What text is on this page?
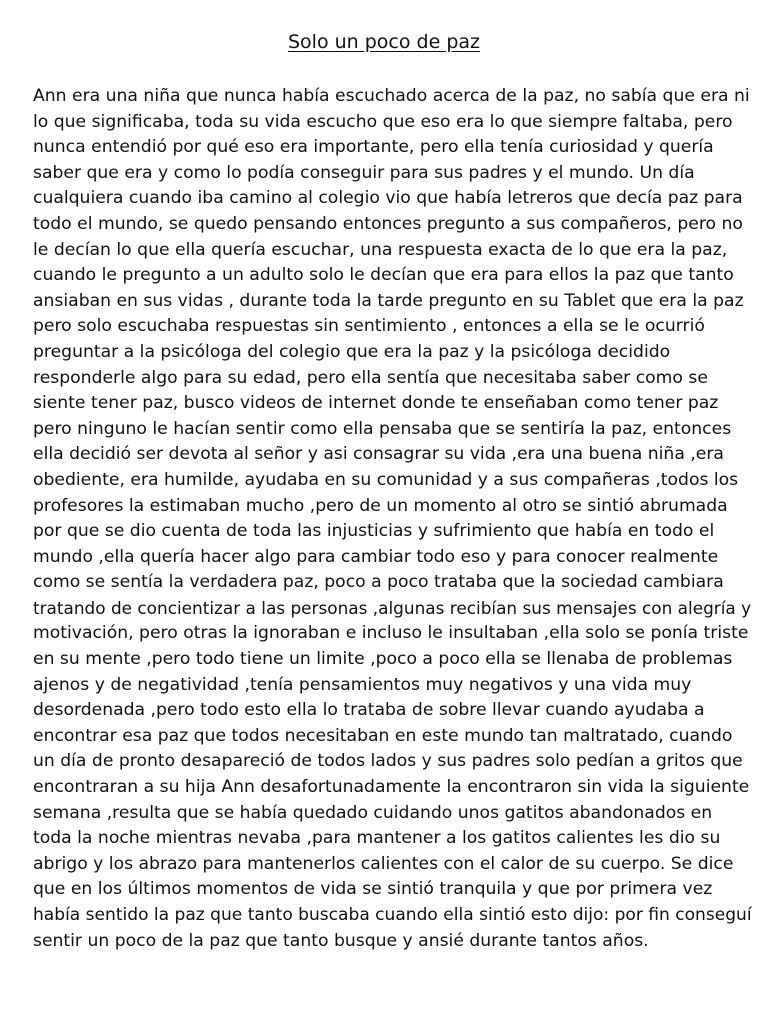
Solo un poco de paz
Ann era una niña que nunca había escuchado acerca de la paz, no sabía que era ni
lo que significaba, toda su vida escucho que eso era lo que siempre faltaba, pero
nunca entendió por qué eso era importante, pero ella tenía curiosidad y quería
saber que era y como lo podía conseguir para sus padres y el mundo. Un día
cualquiera cuando iba camino al colegio vio que había letreros que decía paz para
todo el mundo, se quedo pensando entonces pregunto a sus compañeros, pero no
le decían lo que ella quería escuchar, una respuesta exacta de lo que era la paz,
cuando le pregunto a un adulto solo le decían que era para ellos la paz que tanto
ansiaban en sus vidas , durante toda la tarde pregunto en su Tablet que era la paz
pero solo escuchaba respuestas sin sentimiento , entonces a ella se le ocurrió
preguntar a la psicóloga del colegio que era la paz y la psicóloga decidido
responderle algo para su edad, pero ella sentía que necesitaba saber como se
siente tener paz, busco videos de internet donde te enseñaban como tener paz
pero ninguno le hacían sentir como ella pensaba que se sentiría la paz, entonces
ella decidió ser devota al señor y asi consagrar su vida ,era una buena niña ,era
obediente, era humilde, ayudaba en su comunidad y a sus compañeras ,todos los
profesores la estimaban mucho ,pero de un momento al otro se sintió abrumada
por que se dio cuenta de toda las injusticias y sufrimiento que había en todo el
mundo ,ella quería hacer algo para cambiar todo eso y para conocer realmente
como se sentía la verdadera paz, poco a poco trataba que la sociedad cambiara
tratando de concientizar a las personas ,algunas recibían sus mensajes con alegría y
motivación, pero otras la ignoraban e incluso le insultaban ,ella solo se ponía triste
en su mente ,pero todo tiene un limite ,poco a poco ella se llenaba de problemas
ajenos y de negatividad ,tenía pensamientos muy negativos y una vida muy
desordenada ,pero todo esto ella lo trataba de sobre llevar cuando ayudaba a
encontrar esa paz que todos necesitaban en este mundo tan maltratado, cuando
un día de pronto desapareció de todos lados y sus padres solo pedían a gritos que
encontraran a su hija Ann desafortunadamente la encontraron sin vida la siguiente
semana ,resulta que se había quedado cuidando unos gatitos abandonados en
toda la noche mientras nevaba ,para mantener a los gatitos calientes les dio su
abrigo y los abrazo para mantenerlos calientes con el calor de su cuerpo. Se dice
que en los últimos momentos de vida se sintió tranquila y que por primera vez
había sentido la paz que tanto buscaba cuando ella sintió esto dijo: por fin conseguí
sentir un poco de la paz que tanto busque y ansié durante tantos años.
